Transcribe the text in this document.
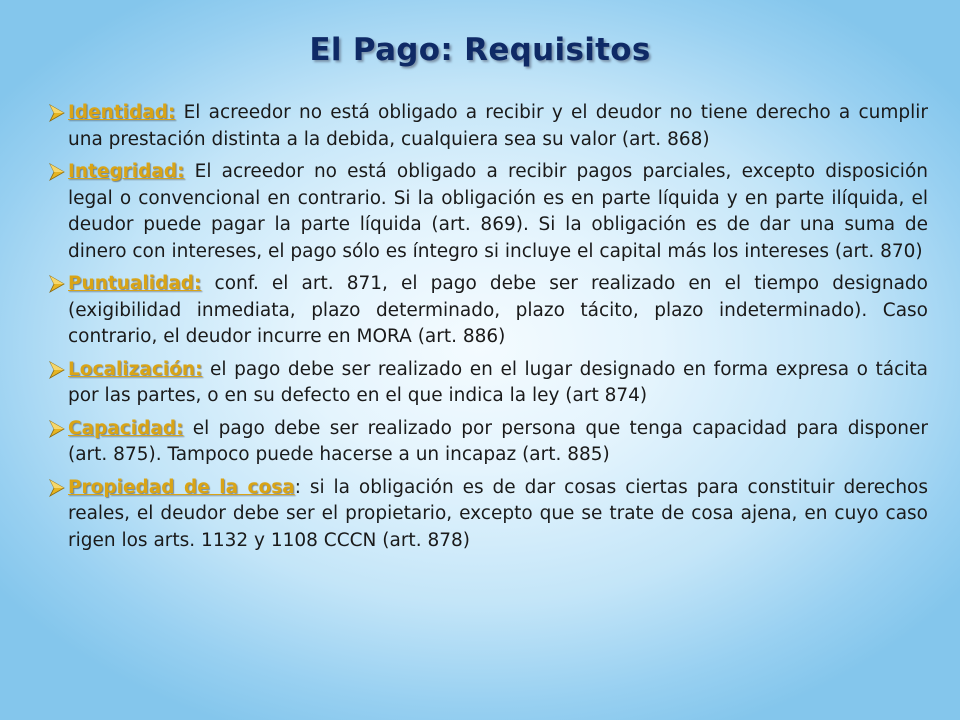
El Pago: Requisitos

Identidad: El acreedor no está obligado a recibir y el deudor no tiene derecho a cumplir una prestación distinta a la debida, cualquiera sea su valor (art. 868)

Integridad: El acreedor no está obligado a recibir pagos parciales, excepto disposición legal o convencional en contrario. Si la obligación es en parte líquida y en parte ilíquida, el deudor puede pagar la parte líquida (art. 869). Si la obligación es de dar una suma de dinero con intereses, el pago sólo es íntegro si incluye el capital más los intereses (art. 870)

Puntualidad: conf. el art. 871, el pago debe ser realizado en el tiempo designado (exigibilidad inmediata, plazo determinado, plazo tácito, plazo indeterminado). Caso contrario, el deudor incurre en MORA (art. 886)

Localización: el pago debe ser realizado en el lugar designado en forma expresa o tácita por las partes, o en su defecto en el que indica la ley (art 874)

Capacidad: el pago debe ser realizado por persona que tenga capacidad para disponer (art. 875). Tampoco puede hacerse a un incapaz (art. 885)

Propiedad de la cosa: si la obligación es de dar cosas ciertas para constituir derechos reales, el deudor debe ser el propietario, excepto que se trate de cosa ajena, en cuyo caso rigen los arts. 1132 y 1108 CCCN (art. 878)
